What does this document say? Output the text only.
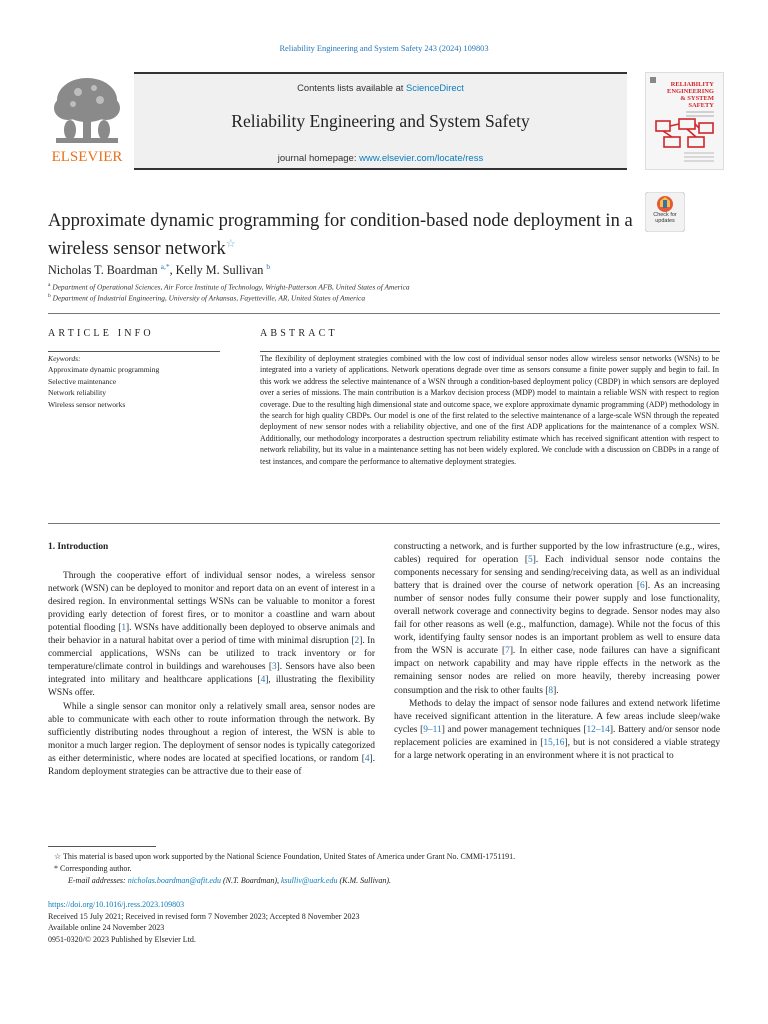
Reliability Engineering and System Safety 243 (2024) 109803
ELSEVIER
Contents lists available at ScienceDirect
Reliability Engineering and System Safety
journal homepage: www.elsevier.com/locate/ress
RELIABILITY
ENGINEERING
& SYSTEM
SAFETY
Check for updates
Approximate dynamic programming for condition-based node deployment in a wireless sensor network☆
Nicholas T. Boardman $^{a,*}$, Kelly M. Sullivan $^b$
$^a$ Department of Operational Sciences, Air Force Institute of Technology, Wright-Patterson AFB, United States of America
$^b$ Department of Industrial Engineering, University of Arkansas, Fayetteville, AR, United States of America
ARTICLE INFO
Keywords:
Approximate dynamic programming
Selective maintenance
Network reliability
Wireless sensor networks
ABSTRACT
The flexibility of deployment strategies combined with the low cost of individual sensor nodes allow wireless sensor networks (WSNs) to be integrated into a variety of applications. Network operations degrade over time as sensors consume a finite power supply and begin to fail. In this work we address the selective maintenance of a WSN through a condition-based deployment policy (CBDP) in which sensors are deployed over a series of missions. The main contribution is a Markov decision process (MDP) model to maintain a reliable WSN with respect to region coverage. Due to the resulting high dimensional state and outcome space, we explore approximate dynamic programming (ADP) methodology in the search for high quality CBDPs. Our model is one of the first related to the selective maintenance of a large-scale WSN through the repeated deployment of new sensor nodes with a reliability objective, and one of the first ADP applications for the maintenance of a complex WSN. Additionally, our methodology incorporates a destruction spectrum reliability estimate which has received significant attention with respect to network reliability, but its value in a maintenance setting has not been widely explored. We conclude with a discussion on CBDPs in a range of test instances, and compare the performance to alternative deployment strategies.
1. Introduction

Through the cooperative effort of individual sensor nodes, a wireless sensor network (WSN) can be deployed to monitor and report data on an event of interest in a desired region. In environmental settings WSNs can be valuable to monitor a forest providing early detection of forest fires, or to monitor a coastline and warn about potential flooding [1]. WSNs have additionally been deployed to observe animals and their behavior in a natural habitat over a period of time with minimal disruption [2]. In commercial applications, WSNs can be utilized to track inventory or for temperature/climate control in buildings and warehouses [3]. Sensors have also been integrated into military and healthcare applications [4], illustrating the flexibility WSNs offer.

While a single sensor can monitor only a relatively small area, sensor nodes are able to communicate with each other to route information through the network. By sufficiently distributing nodes throughout a region of interest, the WSN is able to monitor a much larger region. The deployment of sensor nodes is typically categorized as either deterministic, where nodes are located at specified locations, or random [4]. Random deployment strategies can be attractive due to their ease of

constructing a network, and is further supported by the low infrastructure (e.g., wires, cables) required for operation [5]. Each individual sensor node contains the components necessary for sensing and sending/receiving data, as well as an individual battery that is drained over the course of network operation [6]. As an increasing number of sensor nodes fully consume their power supply and lose functionality, overall network coverage and connectivity begins to degrade. Sensor nodes may also fail for other reasons as well (e.g., malfunction, damage). While not the focus of this work, identifying faulty sensor nodes is an important problem as well to ensure data from the WSN is accurate [7]. In either case, node failures can have a significant impact on network capability and may have ripple effects in the network as the remaining sensor nodes are relied on more heavily, thereby increasing power consumption and the risk to other faults [8].

Methods to delay the impact of sensor node failures and extend network lifetime have received significant attention in the literature. A few areas include sleep/wake cycles [9–11] and power management techniques [12–14]. Battery and/or sensor node replacement policies are examined in [15,16], but is not considered a viable strategy for a large network operating in an environment where it is not practical to

☆ This material is based upon work supported by the National Science Foundation, United States of America under Grant No. CMMI-1751191.
* Corresponding author.
E-mail addresses: nicholas.boardman@afit.edu (N.T. Boardman), ksulliv@uark.edu (K.M. Sullivan).
https://doi.org/10.1016/j.ress.2023.109803
Received 15 July 2021; Received in revised form 7 November 2023; Accepted 8 November 2023
Available online 24 November 2023
0951-0320/© 2023 Published by Elsevier Ltd.
